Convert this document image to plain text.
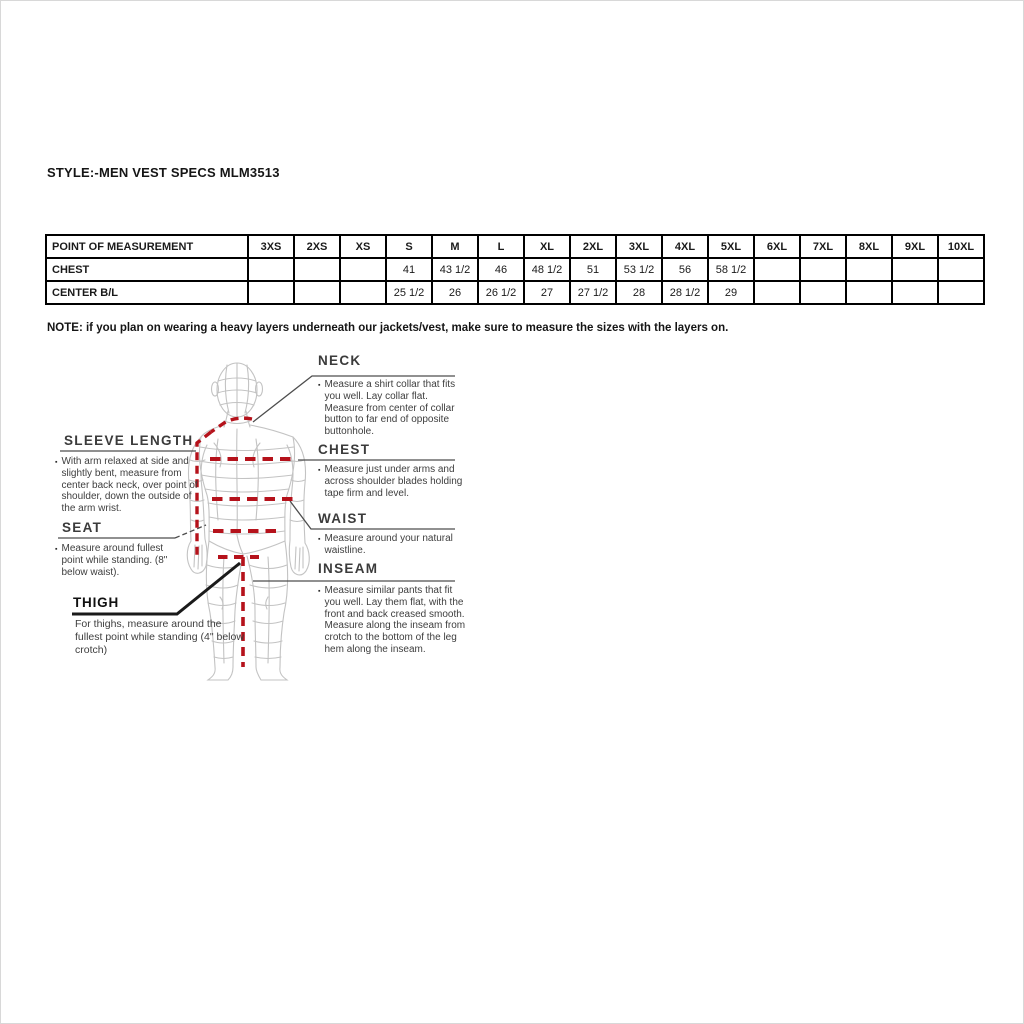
STYLE:-MEN VEST SPECS MLM3513
POINT OF MEASUREMENT	3XS	2XS	XS	S	M	L	XL	2XL	3XL	4XL	5XL	6XL	7XL	8XL	9XL	10XL
CHEST				41	43 1/2	46	48 1/2	51	53 1/2	56	58 1/2					
CENTER B/L				25 1/2	26	26 1/2	27	27 1/2	28	28 1/2	29					
NOTE: if you plan on wearing a heavy layers underneath our jackets/vest, make sure to measure the sizes with the layers on.
NECK
▪ Measure a shirt collar that fits you well. Lay collar flat. Measure from center of collar button to far end of opposite buttonhole.
CHEST
▪ Measure just under arms and across shoulder blades holding tape firm and level.
WAIST
▪ Measure around your natural waistline.
INSEAM
▪ Measure similar pants that fit you well. Lay them flat, with the front and back creased smooth. Measure along the inseam from crotch to the bottom of the leg hem along the inseam.
SLEEVE LENGTH
▪ With arm relaxed at side and slightly bent, measure from center back neck, over point of shoulder, down the outside of the arm wrist.
SEAT
▪ Measure around fullest point while standing. (8" below waist).
THIGH
For thighs, measure around the fullest point while standing (4" below crotch)
